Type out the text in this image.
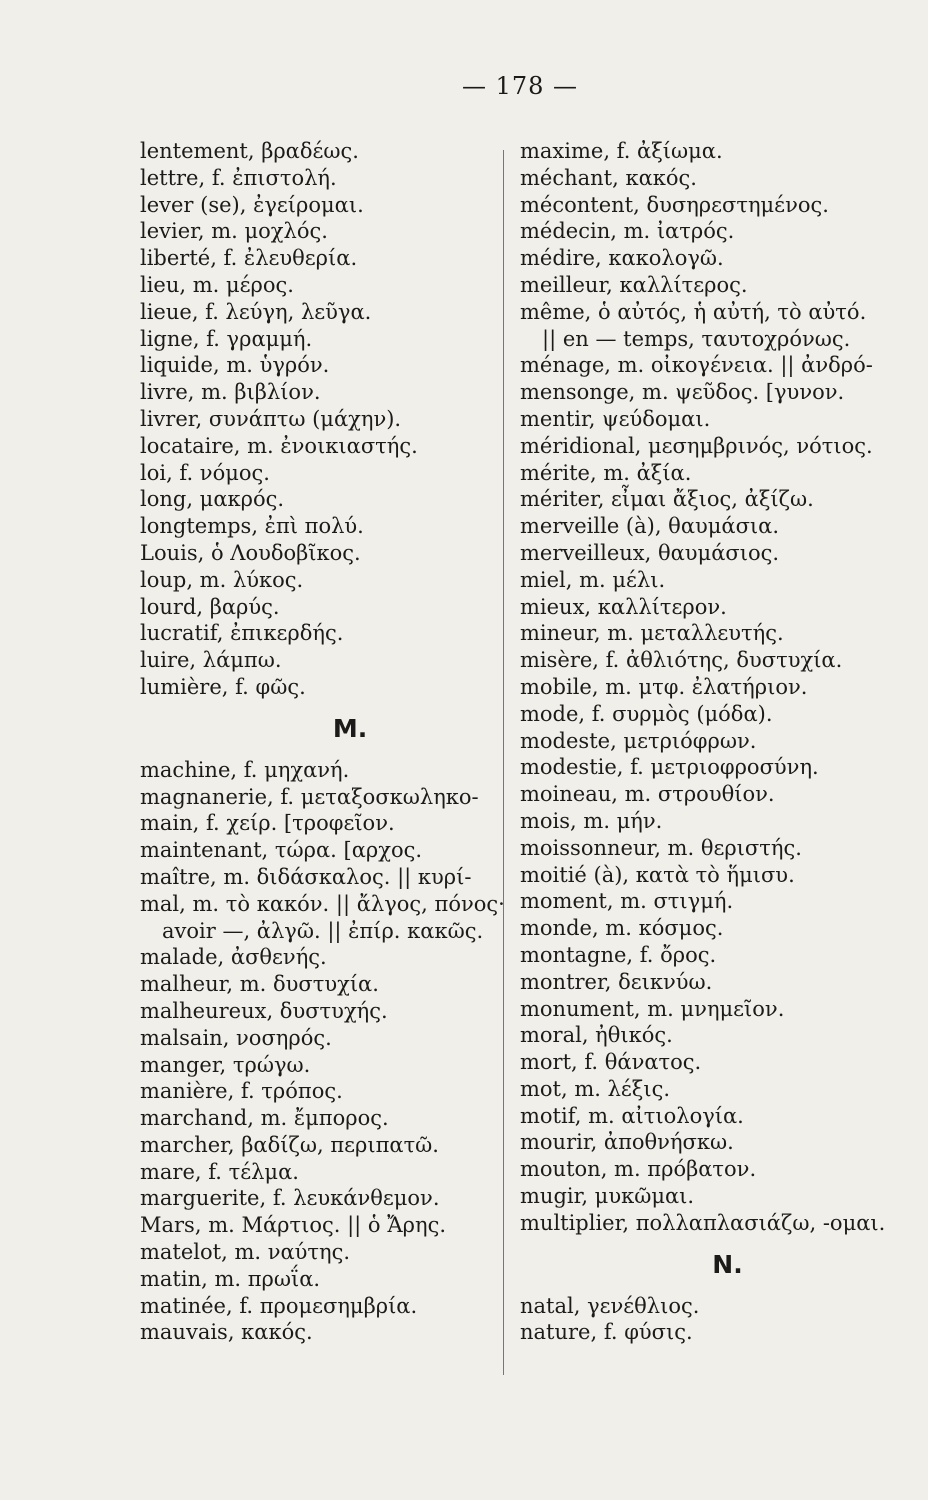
— 178 —
lentement, βραδέως.
lettre, f. ἐπιστολή.
lever (se), ἐγείρομαι.
levier, m. μοχλός.
liberté, f. ἐλευθερία.
lieu, m. μέρος.
lieue, f. λεύγη, λεῦγα.
ligne, f. γραμμή.
liquide, m. ὑγρόν.
livre, m. βιβλίον.
livrer, συνάπτω (μάχην).
locataire, m. ἐνοικιαστής.
loi, f. νόμος.
long, μακρός.
longtemps, ἐπὶ πολύ.
Louis, ὁ Λουδοβῖκος.
loup, m. λύκος.
lourd, βαρύς.
lucratif, ἐπικερδής.
luire, λάμπω.
lumière, f. φῶς.
M.
machine, f. μηχανή.
magnanerie, f. μεταξοσκωληκο-
main, f. χείρ. [τροφεῖον.
maintenant, τώρα. [αρχος.
maître, m. διδάσκαλος. || κυρί-
mal, m. τὸ κακόν. || ἄλγος, πόνος·
avoir —, ἀλγῶ. || ἐπίρ. κακῶς.
malade, ἀσθενής.
malheur, m. δυστυχία.
malheureux, δυστυχής.
malsain, νοσηρός.
manger, τρώγω.
manière, f. τρόπος.
marchand, m. ἔμπορος.
marcher, βαδίζω, περιπατῶ.
mare, f. τέλμα.
marguerite, f. λευκάνθεμον.
Mars, m. Μάρτιος. || ὁ Ἄρης.
matelot, m. ναύτης.
matin, m. πρωΐα.
matinée, f. προμεσημβρία.
mauvais, κακός.
maxime, f. ἀξίωμα.
méchant, κακός.
mécontent, δυσηρεστημένος.
médecin, m. ἰατρός.
médire, κακολογῶ.
meilleur, καλλίτερος.
même, ὁ αὐτός, ἡ αὐτή, τὸ αὐτό.
|| en — temps, ταυτοχρόνως.
ménage, m. οἰκογένεια. || ἀνδρό-
mensonge, m. ψεῦδος. [γυνον.
mentir, ψεύδομαι.
méridional, μεσημβρινός, νότιος.
mérite, m. ἀξία.
mériter, εἶμαι ἄξιος, ἀξίζω.
merveille (à), θαυμάσια.
merveilleux, θαυμάσιος.
miel, m. μέλι.
mieux, καλλίτερον.
mineur, m. μεταλλευτής.
misère, f. ἀθλιότης, δυστυχία.
mobile, m. μτφ. ἐλατήριον.
mode, f. συρμὸς (μόδα).
modeste, μετριόφρων.
modestie, f. μετριοφροσύνη.
moineau, m. στρουθίον.
mois, m. μήν.
moissonneur, m. θεριστής.
moitié (à), κατὰ τὸ ἥμισυ.
moment, m. στιγμή.
monde, m. κόσμος.
montagne, f. ὄρος.
montrer, δεικνύω.
monument, m. μνημεῖον.
moral, ἠθικός.
mort, f. θάνατος.
mot, m. λέξις.
motif, m. αἰτιολογία.
mourir, ἀποθνήσκω.
mouton, m. πρόβατον.
mugir, μυκῶμαι.
multiplier, πολλαπλασιάζω, -ομαι.
N.
natal, γενέθλιος.
nature, f. φύσις.
